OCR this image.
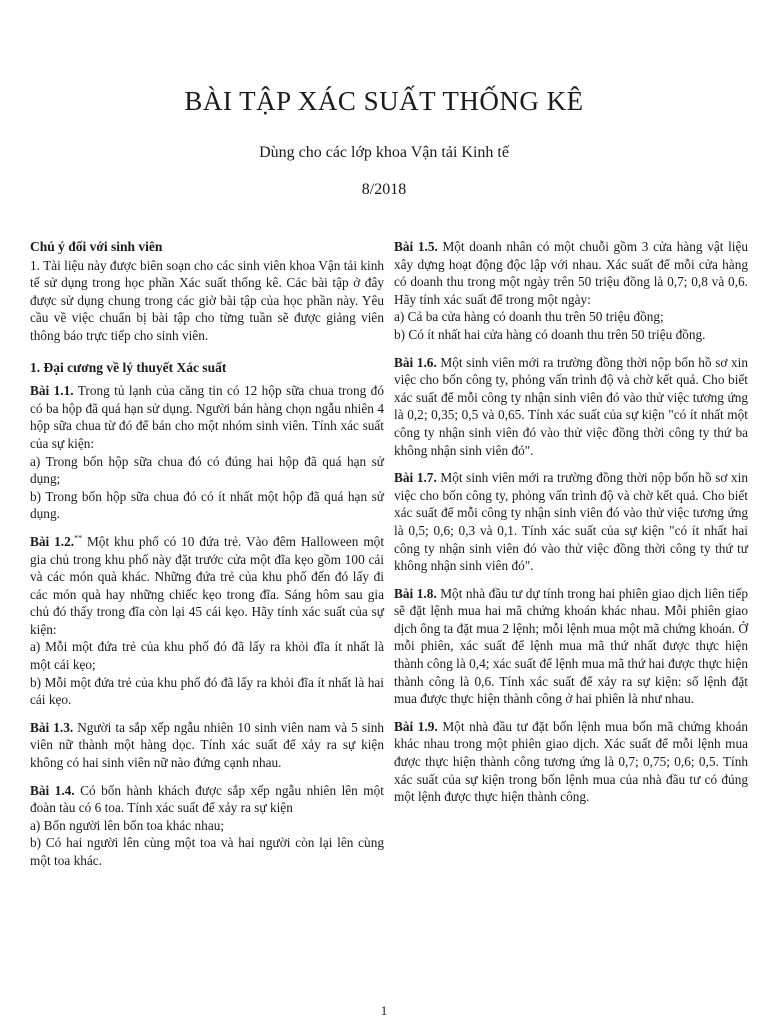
BÀI TẬP XÁC SUẤT THỐNG KÊ
Dùng cho các lớp khoa Vận tải Kinh tế
8/2018
Chú ý đối với sinh viên

1. Tài liệu này được biên soạn cho các sinh viên khoa Vận tải kinh tế sử dụng trong học phần Xác suất thống kê. Các bài tập ở đây được sử dụng chung trong các giờ bài tập của học phần này. Yêu cầu về việc chuẩn bị bài tập cho từng tuần sẽ được giảng viên thông báo trực tiếp cho sinh viên.

1. Đại cương về lý thuyết Xác suất

Bài 1.1. Trong tủ lạnh của căng tin có 12 hộp sữa chua trong đó có ba hộp đã quá hạn sử dụng. Người bán hàng chọn ngẫu nhiên 4 hộp sữa chua từ đó để bán cho một nhóm sinh viên. Tính xác suất của sự kiện:

a) Trong bốn hộp sữa chua đó có đúng hai hộp đã quá hạn sử dụng;

b) Trong bốn hộp sữa chua đó có ít nhất một hộp đã quá hạn sử dụng.

Bài 1.2.** Một khu phố có 10 đứa trẻ. Vào đêm Halloween một gia chủ trong khu phố này đặt trước cửa một đĩa kẹo gồm 100 cái và các món quà khác. Những đứa trẻ của khu phố đến đó lấy đi các món quà hay những chiếc kẹo trong đĩa. Sáng hôm sau gia chủ đó thấy trong đĩa còn lại 45 cái kẹo. Hãy tính xác suất của sự kiện:

a) Mỗi một đứa trẻ của khu phố đó đã lấy ra khỏi đĩa ít nhất là một cái kẹo;

b) Mỗi một đứa trẻ của khu phố đó đã lấy ra khỏi đĩa ít nhất là hai cái kẹo.

Bài 1.3. Người ta sắp xếp ngẫu nhiên 10 sinh viên nam và 5 sinh viên nữ thành một hàng dọc. Tính xác suất để xảy ra sự kiện không có hai sinh viên nữ nào đứng cạnh nhau.

Bài 1.4. Có bốn hành khách được sắp xếp ngẫu nhiên lên một đoàn tàu có 6 toa. Tính xác suất để xảy ra sự kiện

a) Bốn người lên bốn toa khác nhau;

b) Có hai người lên cùng một toa và hai người còn lại lên cùng một toa khác.

Bài 1.5. Một doanh nhân có một chuỗi gồm 3 cửa hàng vật liệu xây dựng hoạt động độc lập với nhau. Xác suất để mỗi cửa hàng có doanh thu trong một ngày trên 50 triệu đồng là 0,7; 0,8 và 0,6. Hãy tính xác suất để trong một ngày:

a) Cả ba cửa hàng có doanh thu trên 50 triệu đồng;

b) Có ít nhất hai cửa hàng có doanh thu trên 50 triệu đồng.

Bài 1.6. Một sinh viên mới ra trường đồng thời nộp bốn hồ sơ xin việc cho bốn công ty, phỏng vấn trình độ và chờ kết quả. Cho biết xác suất để mỗi công ty nhận sinh viên đó vào thử việc tương ứng là 0,2; 0,35; 0,5 và 0,65. Tính xác suất của sự kiện "có ít nhất một công ty nhận sinh viên đó vào thử việc đồng thời công ty thứ ba không nhận sinh viên đó".

Bài 1.7. Một sinh viên mới ra trường đồng thời nộp bốn hồ sơ xin việc cho bốn công ty, phỏng vấn trình độ và chờ kết quả. Cho biết xác suất để mỗi công ty nhận sinh viên đó vào thử việc tương ứng là 0,5; 0,6; 0,3 và 0,1. Tính xác suất của sự kiện "có ít nhất hai công ty nhận sinh viên đó vào thử việc đồng thời công ty thứ tư không nhận sinh viên đó".

Bài 1.8. Một nhà đầu tư dự tính trong hai phiên giao dịch liên tiếp sẽ đặt lệnh mua hai mã chứng khoán khác nhau. Mỗi phiên giao dịch ông ta đặt mua 2 lệnh; mỗi lệnh mua một mã chứng khoán. Ở mỗi phiên, xác suất để lệnh mua mã thứ nhất được thực hiện thành công là 0,4; xác suất để lệnh mua mã thứ hai được thực hiện thành công là 0,6. Tính xác suất để xảy ra sự kiện: số lệnh đặt mua được thực hiện thành công ở hai phiên là như nhau.

Bài 1.9. Một nhà đầu tư đặt bốn lệnh mua bốn mã chứng khoán khác nhau trong một phiên giao dịch. Xác suất để mỗi lệnh mua được thực hiện thành công tương ứng là 0,7; 0,75; 0,6; 0,5. Tính xác suất của sự kiện trong bốn lệnh mua của nhà đầu tư có đúng một lệnh được thực hiện thành công.

1
